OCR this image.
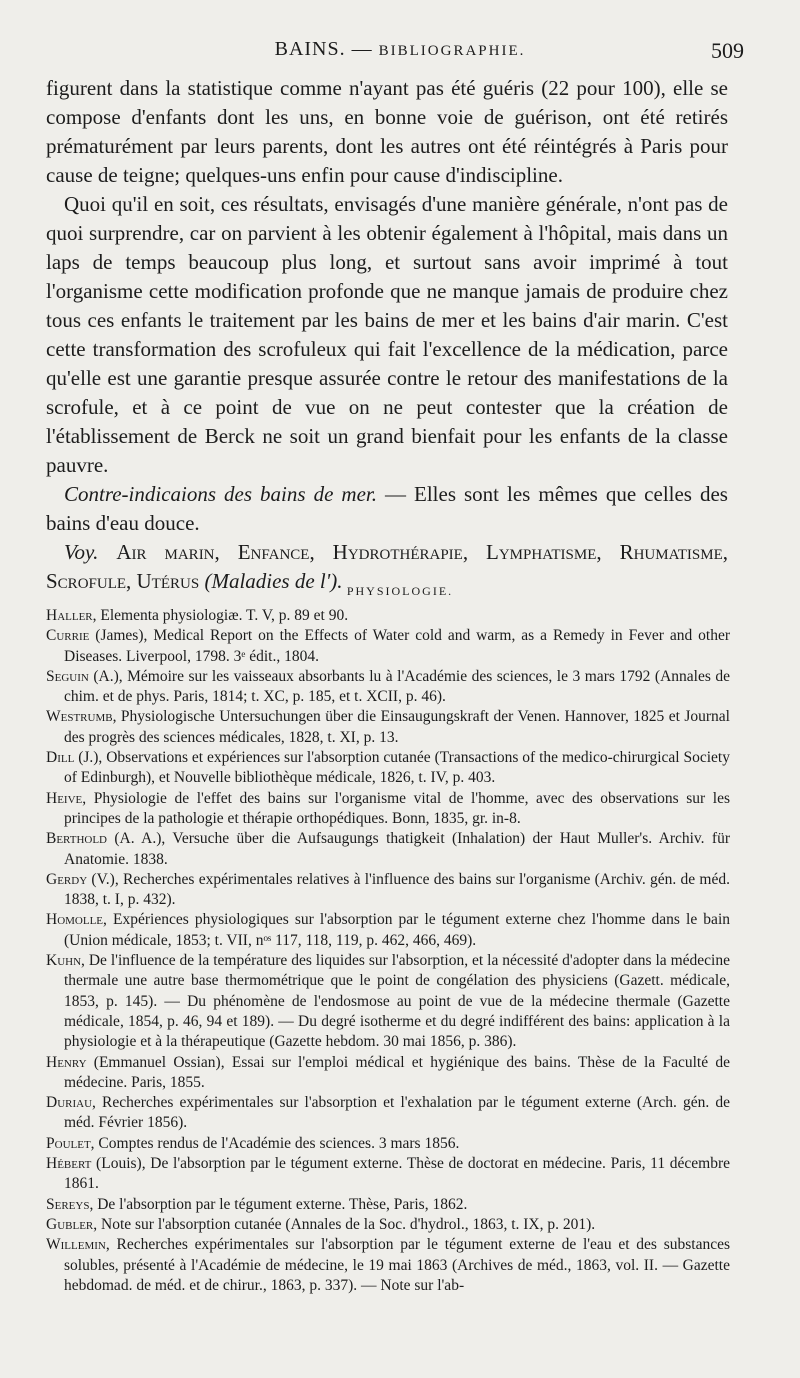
BAINS. — BIBLIOGRAPHIE.	509

figurent dans la statistique comme n'ayant pas été guéris (22 pour 100), elle se compose d'enfants dont les uns, en bonne voie de guérison, ont été retirés prématurément par leurs parents, dont les autres ont été réintégrés à Paris pour cause de teigne; quelques-uns enfin pour cause d'indiscipline.

Quoi qu'il en soit, ces résultats, envisagés d'une manière générale, n'ont pas de quoi surprendre, car on parvient à les obtenir également à l'hôpital, mais dans un laps de temps beaucoup plus long, et surtout sans avoir imprimé à tout l'organisme cette modification profonde que ne manque jamais de produire chez tous ces enfants le traitement par les bains de mer et les bains d'air marin. C'est cette transformation des scrofuleux qui fait l'excellence de la médication, parce qu'elle est une garantie presque assurée contre le retour des manifestations de la scrofule, et à ce point de vue on ne peut contester que la création de l'établissement de Berck ne soit un grand bienfait pour les enfants de la classe pauvre.

Contre-indicaions des bains de mer. — Elles sont les mêmes que celles des bains d'eau douce.

Voy. Air marin, Enfance, Hydrothérapie, Lymphatisme, Rhumatisme, Scrofule, Utérus (Maladies de l'). PHYSIOLOGIE.

Haller, Elementa physiologiæ. T. V, p. 89 et 90.

Currie (James), Medical Report on the Effects of Water cold and warm, as a Remedy in Fever and other Diseases. Liverpool, 1798. 3ᵉ édit., 1804.

Seguin (A.), Mémoire sur les vaisseaux absorbants lu à l'Académie des sciences, le 3 mars 1792 (Annales de chim. et de phys. Paris, 1814; t. XC, p. 185, et t. XCII, p. 46).

Westrumb, Physiologische Untersuchungen über die Einsaugungskraft der Venen. Hannover, 1825 et Journal des progrès des sciences médicales, 1828, t. XI, p. 13.

Dill (J.), Observations et expériences sur l'absorption cutanée (Transactions of the medico-chirurgical Society of Edinburgh), et Nouvelle bibliothèque médicale, 1826, t. IV, p. 403.

Heive, Physiologie de l'effet des bains sur l'organisme vital de l'homme, avec des observations sur les principes de la pathologie et thérapie orthopédiques. Bonn, 1835, gr. in-8.

Berthold (A. A.), Versuche über die Aufsaugungs thatigkeit (Inhalation) der Haut Muller's. Archiv. für Anatomie. 1838.

Gerdy (V.), Recherches expérimentales relatives à l'influence des bains sur l'organisme (Archiv. gén. de méd. 1838, t. I, p. 432).

Homolle, Expériences physiologiques sur l'absorption par le tégument externe chez l'homme dans le bain (Union médicale, 1853; t. VII, nᵒˢ 117, 118, 119, p. 462, 466, 469).

Kuhn, De l'influence de la température des liquides sur l'absorption, et la nécessité d'adopter dans la médecine thermale une autre base thermométrique que le point de congélation des physiciens (Gazett. médicale, 1853, p. 145). — Du phénomène de l'endosmose au point de vue de la médecine thermale (Gazette médicale, 1854, p. 46, 94 et 189). — Du degré isotherme et du degré indifférent des bains: application à la physiologie et à la thérapeutique (Gazette hebdom. 30 mai 1856, p. 386).

Henry (Emmanuel Ossian), Essai sur l'emploi médical et hygiénique des bains. Thèse de la Faculté de médecine. Paris, 1855.

Duriau, Recherches expérimentales sur l'absorption et l'exhalation par le tégument externe (Arch. gén. de méd. Février 1856).

Poulet, Comptes rendus de l'Académie des sciences. 3 mars 1856.

Hébert (Louis), De l'absorption par le tégument externe. Thèse de doctorat en médecine. Paris, 11 décembre 1861.

Sereys, De l'absorption par le tégument externe. Thèse, Paris, 1862.

Gubler, Note sur l'absorption cutanée (Annales de la Soc. d'hydrol., 1863, t. IX, p. 201).

Willemin, Recherches expérimentales sur l'absorption par le tégument externe de l'eau et des substances solubles, présenté à l'Académie de médecine, le 19 mai 1863 (Archives de méd., 1863, vol. II. — Gazette hebdomad. de méd. et de chirur., 1863, p. 337). — Note sur l'ab-
